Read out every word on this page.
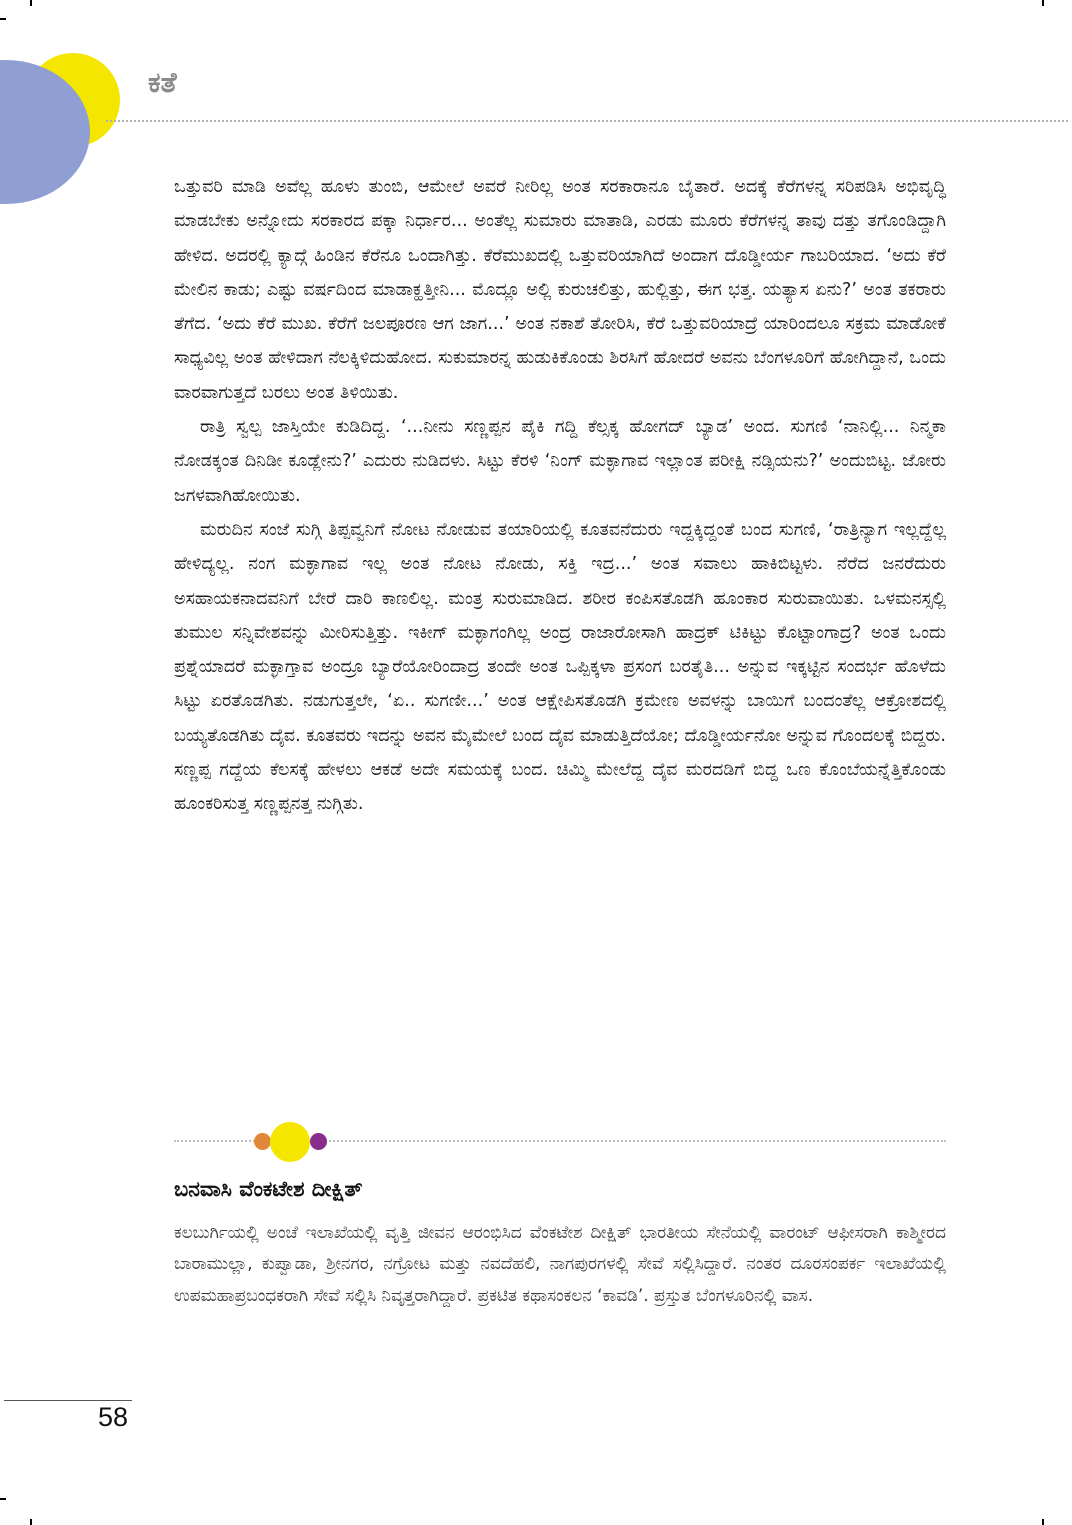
ಕತೆ

ಒತ್ತುವರಿ ಮಾಡಿ ಅವೆಲ್ಲ ಹೂಳು ತುಂಬಿ, ಆಮೇಲೆ ಅವರೆ ನೀರಿಲ್ಲ ಅಂತ ಸರಕಾರಾನೂ ಬೈತಾರೆ. ಅದಕ್ಕೆ ಕೆರೆಗಳನ್ನ ಸರಿಪಡಿಸಿ ಅಭಿವೃದ್ಧಿ ಮಾಡಬೇಕು ಅನ್ನೋದು ಸರಕಾರದ ಪಕ್ಕಾ ನಿರ್ಧಾರ... ಅಂತೆಲ್ಲ ಸುಮಾರು ಮಾತಾಡಿ, ಎರಡು ಮೂರು ಕೆರೆಗಳನ್ನ ತಾವು ದತ್ತು ತಗೊಂಡಿದ್ದಾಗಿ ಹೇಳಿದ. ಅದರಲ್ಲಿ ಕ್ಯಾದ್ಗೆ ಹಿಂಡಿನ ಕೆರೆನೂ ಒಂದಾಗಿತ್ತು. ಕೆರೆಮುಖದಲ್ಲಿ ಒತ್ತುವರಿಯಾಗಿದೆ ಅಂದಾಗ ದೊಡ್ಡೀರ್ಯ ಗಾಬರಿಯಾದ. ‘ಅದು ಕೆರೆ ಮೇಲಿನ ಕಾಡು; ಎಷ್ಟು ವರ್ಷದಿಂದ ಮಾಡಾಕ್ಹತ್ತೀನಿ... ಮೊದ್ಲೂ ಅಲ್ಲಿ ಕುರುಚಲಿತ್ತು, ಹುಲ್ಲಿತ್ತು, ಈಗ ಭತ್ತ. ಯತ್ಯಾಸ ಏನು?’ ಅಂತ ತಕರಾರು ತೆಗೆದ. ‘ಅದು ಕೆರೆ ಮುಖ. ಕೆರೆಗೆ ಜಲಪೂರಣ ಆಗ ಜಾಗ...’ ಅಂತ ನಕಾಶೆ ತೋರಿಸಿ, ಕೆರೆ ಒತ್ತುವರಿಯಾದ್ರೆ ಯಾರಿಂದಲೂ ಸಕ್ರಮ ಮಾಡೋಕೆ ಸಾಧ್ಯವಿಲ್ಲ ಅಂತ ಹೇಳಿದಾಗ ನೆಲಕ್ಕಿಳಿದುಹೋದ. ಸುಕುಮಾರನ್ನ ಹುಡುಕಿಕೊಂಡು ಶಿರಸಿಗೆ ಹೋದರೆ ಅವನು ಬೆಂಗಳೂರಿಗೆ ಹೋಗಿದ್ದಾನೆ, ಒಂದು ವಾರವಾಗುತ್ತದೆ ಬರಲು ಅಂತ ತಿಳಿಯಿತು.

ರಾತ್ರಿ ಸ್ವಲ್ಪ ಜಾಸ್ತಿಯೇ ಕುಡಿದಿದ್ದ. ‘...ನೀನು ಸಣ್ಣಪ್ಪನ ಪೈಕಿ ಗದ್ದಿ ಕೆಲ್ಸಕ್ಕ ಹೋಗದ್ ಬ್ಯಾಡ’ ಅಂದ. ಸುಗಣಿ ‘ನಾನಿಲ್ಲಿ... ನಿನ್ಮಕಾ ನೋಡಕ್ಕಂತ ದಿನಿಡೀ ಕೂಡ್ಲೇನು?’ ಎದುರು ನುಡಿದಳು. ಸಿಟ್ಟು ಕೆರಳಿ ‘ನಿಂಗ್ ಮಕ್ಳಾಗಾವ ಇಲ್ಲಾಂತ ಪರೀಕ್ಷಿ ನಡ್ಸಿಯನು?’ ಅಂದುಬಿಟ್ಟ. ಜೋರು ಜಗಳವಾಗಿಹೋಯಿತು.

ಮರುದಿನ ಸಂಜೆ ಸುಗ್ಗಿ ತಿಪ್ಪವ್ವನಿಗೆ ನೋಟ ನೋಡುವ ತಯಾರಿಯಲ್ಲಿ ಕೂತವನೆದುರು ಇದ್ದಕ್ಕಿದ್ದಂತೆ ಬಂದ ಸುಗಣಿ, ‘ರಾತ್ರಿನ್ಯಾಗ ಇಲ್ಲದ್ದೆಲ್ಲ ಹೇಳಿದ್ಯಲ್ಲ. ನಂಗ ಮಕ್ಳಾಗಾವ ಇಲ್ಲ ಅಂತ ನೋಟ ನೋಡು, ಸಕ್ತಿ ಇದ್ರ...’ ಅಂತ ಸವಾಲು ಹಾಕಿಬಿಟ್ಟಳು. ನೆರೆದ ಜನರೆದುರು ಅಸಹಾಯಕನಾದವನಿಗೆ ಬೇರೆ ದಾರಿ ಕಾಣಲಿಲ್ಲ. ಮಂತ್ರ ಸುರುಮಾಡಿದ. ಶರೀರ ಕಂಪಿಸತೊಡಗಿ ಹೂಂಕಾರ ಸುರುವಾಯಿತು. ಒಳಮನಸ್ಸಲ್ಲಿ ತುಮುಲ ಸನ್ನಿವೇಶವನ್ನು ಮೀರಿಸುತ್ತಿತ್ತು. ಇಕೀಗ್ ಮಕ್ಳಾಗಂಗಿಲ್ಲ ಅಂದ್ರ ರಾಜಾರೋಸಾಗಿ ಹಾದ್ರಕ್ ಟಿಕಿಟ್ಟು ಕೊಟ್ಟಾಂಗಾದ್ರ? ಅಂತ ಒಂದು ಪ್ರಶ್ನೆಯಾದರೆ ಮಕ್ಳಾಗ್ತಾವ ಅಂದ್ರೂ ಬ್ಯಾರೆಯೋರಿಂದಾದ್ರ ತಂದೇ ಅಂತ ಒಪ್ಪಿಕ್ಕಳಾ ಪ್ರಸಂಗ ಬರತೈತಿ... ಅನ್ನುವ ಇಕ್ಕಟ್ಟಿನ ಸಂದರ್ಭ ಹೊಳೆದು ಸಿಟ್ಟು ಏರತೊಡಗಿತು. ನಡುಗುತ್ತಲೇ, ‘ಏ.. ಸುಗಣೀ...’ ಅಂತ ಆಕ್ಷೇಪಿಸತೊಡಗಿ ಕ್ರಮೇಣ ಅವಳನ್ನು ಬಾಯಿಗೆ ಬಂದಂತೆಲ್ಲ ಆಕ್ರೋಶದಲ್ಲಿ ಬಯ್ಯತೊಡಗಿತು ದೈವ. ಕೂತವರು ಇದನ್ನು ಅವನ ಮೈಮೇಲೆ ಬಂದ ದೈವ ಮಾಡುತ್ತಿದೆಯೋ; ದೊಡ್ಡೀರ್ಯನೋ ಅನ್ನುವ ಗೊಂದಲಕ್ಕೆ ಬಿದ್ದರು. ಸಣ್ಣಪ್ಪ ಗದ್ದೆಯ ಕೆಲಸಕ್ಕೆ ಹೇಳಲು ಆಕಡೆ ಅದೇ ಸಮಯಕ್ಕೆ ಬಂದ. ಚಿಮ್ಮಿ ಮೇಲೆದ್ದ ದೈವ ಮರದಡಿಗೆ ಬಿದ್ದ ಒಣ ಕೊಂಬೆಯನ್ನೆತ್ತಿಕೊಂಡು ಹೂಂಕರಿಸುತ್ತ ಸಣ್ಣಪ್ಪನತ್ತ ನುಗ್ಗಿತು.

ಬನವಾಸಿ ವೆಂಕಟೇಶ ದೀಕ್ಷಿತ್

ಕಲಬುರ್ಗಿಯಲ್ಲಿ ಅಂಚೆ ಇಲಾಖೆಯಲ್ಲಿ ವೃತ್ತಿ ಜೀವನ ಆರಂಭಿಸಿದ ವೆಂಕಟೇಶ ದೀಕ್ಷಿತ್ ಭಾರತೀಯ ಸೇನೆಯಲ್ಲಿ ವಾರಂಟ್ ಆಫೀಸರಾಗಿ ಕಾಶ್ಮೀರದ ಬಾರಾಮುಲ್ಲಾ, ಕುಪ್ವಾಡಾ, ಶ್ರೀನಗರ, ನಗ್ರೋಟ ಮತ್ತು ನವದೆಹಲಿ, ನಾಗಪುರಗಳಲ್ಲಿ ಸೇವೆ ಸಲ್ಲಿಸಿದ್ದಾರೆ. ನಂತರ ದೂರಸಂಪರ್ಕ ಇಲಾಖೆಯಲ್ಲಿ ಉಪಮಹಾಪ್ರಬಂಧಕರಾಗಿ ಸೇವೆ ಸಲ್ಲಿಸಿ ನಿವೃತ್ತರಾಗಿದ್ದಾರೆ. ಪ್ರಕಟಿತ ಕಥಾಸಂಕಲನ ‘ಕಾವಡಿ’. ಪ್ರಸ್ತುತ ಬೆಂಗಳೂರಿನಲ್ಲಿ ವಾಸ.

58
